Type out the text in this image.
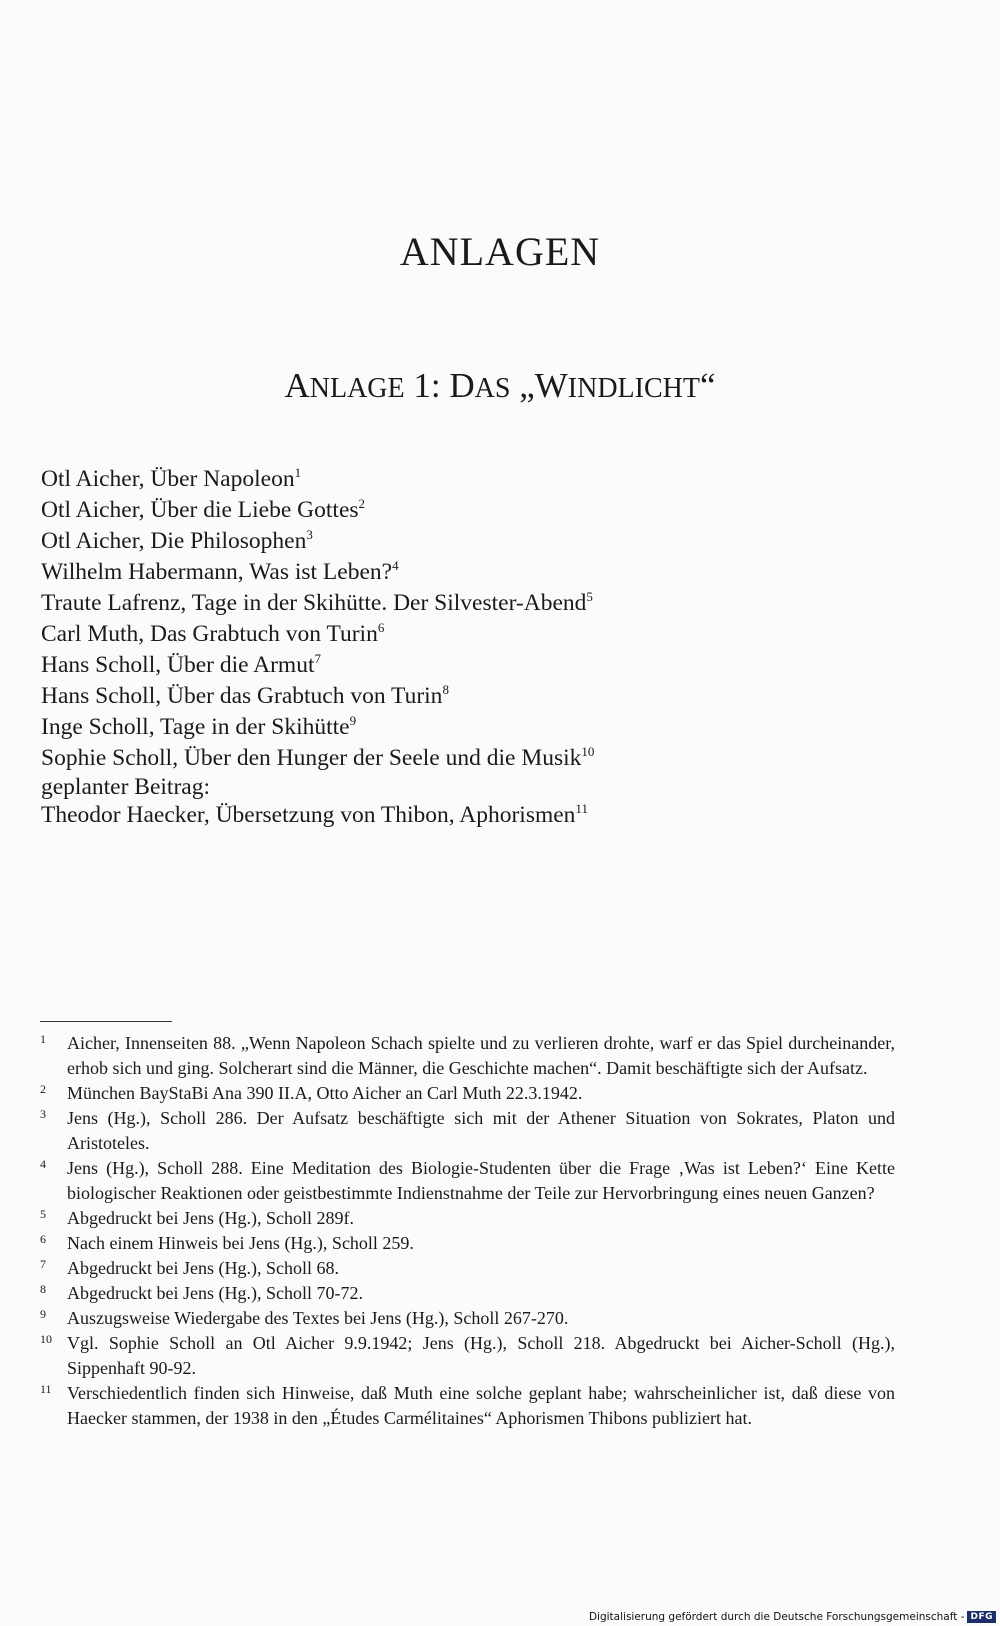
ANLAGEN
ANLAGE 1: DAS „WINDLICHT“
Otl Aicher, Über Napoleon$^1$
Otl Aicher, Über die Liebe Gottes$^2$
Otl Aicher, Die Philosophen$^3$
Wilhelm Habermann, Was ist Leben?$^4$
Traute Lafrenz, Tage in der Skihütte. Der Silvester-Abend$^5$
Carl Muth, Das Grabtuch von Turin$^6$
Hans Scholl, Über die Armut$^7$
Hans Scholl, Über das Grabtuch von Turin$^8$
Inge Scholl, Tage in der Skihütte$^9$
Sophie Scholl, Über den Hunger der Seele und die Musik$^{10}$
geplanter Beitrag:
Theodor Haecker, Übersetzung von Thibon, Aphorismen$^{11}$
1 Aicher, Innenseiten 88. „Wenn Napoleon Schach spielte und zu verlieren drohte, warf er das Spiel durcheinander, erhob sich und ging. Solcherart sind die Männer, die Geschichte machen“. Damit beschäftigte sich der Aufsatz.
2 München BayStaBi Ana 390 II.A, Otto Aicher an Carl Muth 22.3.1942.
3 Jens (Hg.), Scholl 286. Der Aufsatz beschäftigte sich mit der Athener Situation von Sokrates, Platon und Aristoteles.
4 Jens (Hg.), Scholl 288. Eine Meditation des Biologie-Studenten über die Frage ‚Was ist Leben?‘ Eine Kette biologischer Reaktionen oder geistbestimmte Indienstnahme der Teile zur Hervorbringung eines neuen Ganzen?
5 Abgedruckt bei Jens (Hg.), Scholl 289f.
6 Nach einem Hinweis bei Jens (Hg.), Scholl 259.
7 Abgedruckt bei Jens (Hg.), Scholl 68.
8 Abgedruckt bei Jens (Hg.), Scholl 70-72.
9 Auszugsweise Wiedergabe des Textes bei Jens (Hg.), Scholl 267-270.
10 Vgl. Sophie Scholl an Otl Aicher 9.9.1942; Jens (Hg.), Scholl 218. Abgedruckt bei Aicher-Scholl (Hg.), Sippenhaft 90-92.
11 Verschiedentlich finden sich Hinweise, daß Muth eine solche geplant habe; wahrscheinlicher ist, daß diese von Haecker stammen, der 1938 in den „Études Carmélitaines“ Aphorismen Thibons publiziert hat.
Digitalisierung gefördert durch die Deutsche Forschungsgemeinschaft - DFG
